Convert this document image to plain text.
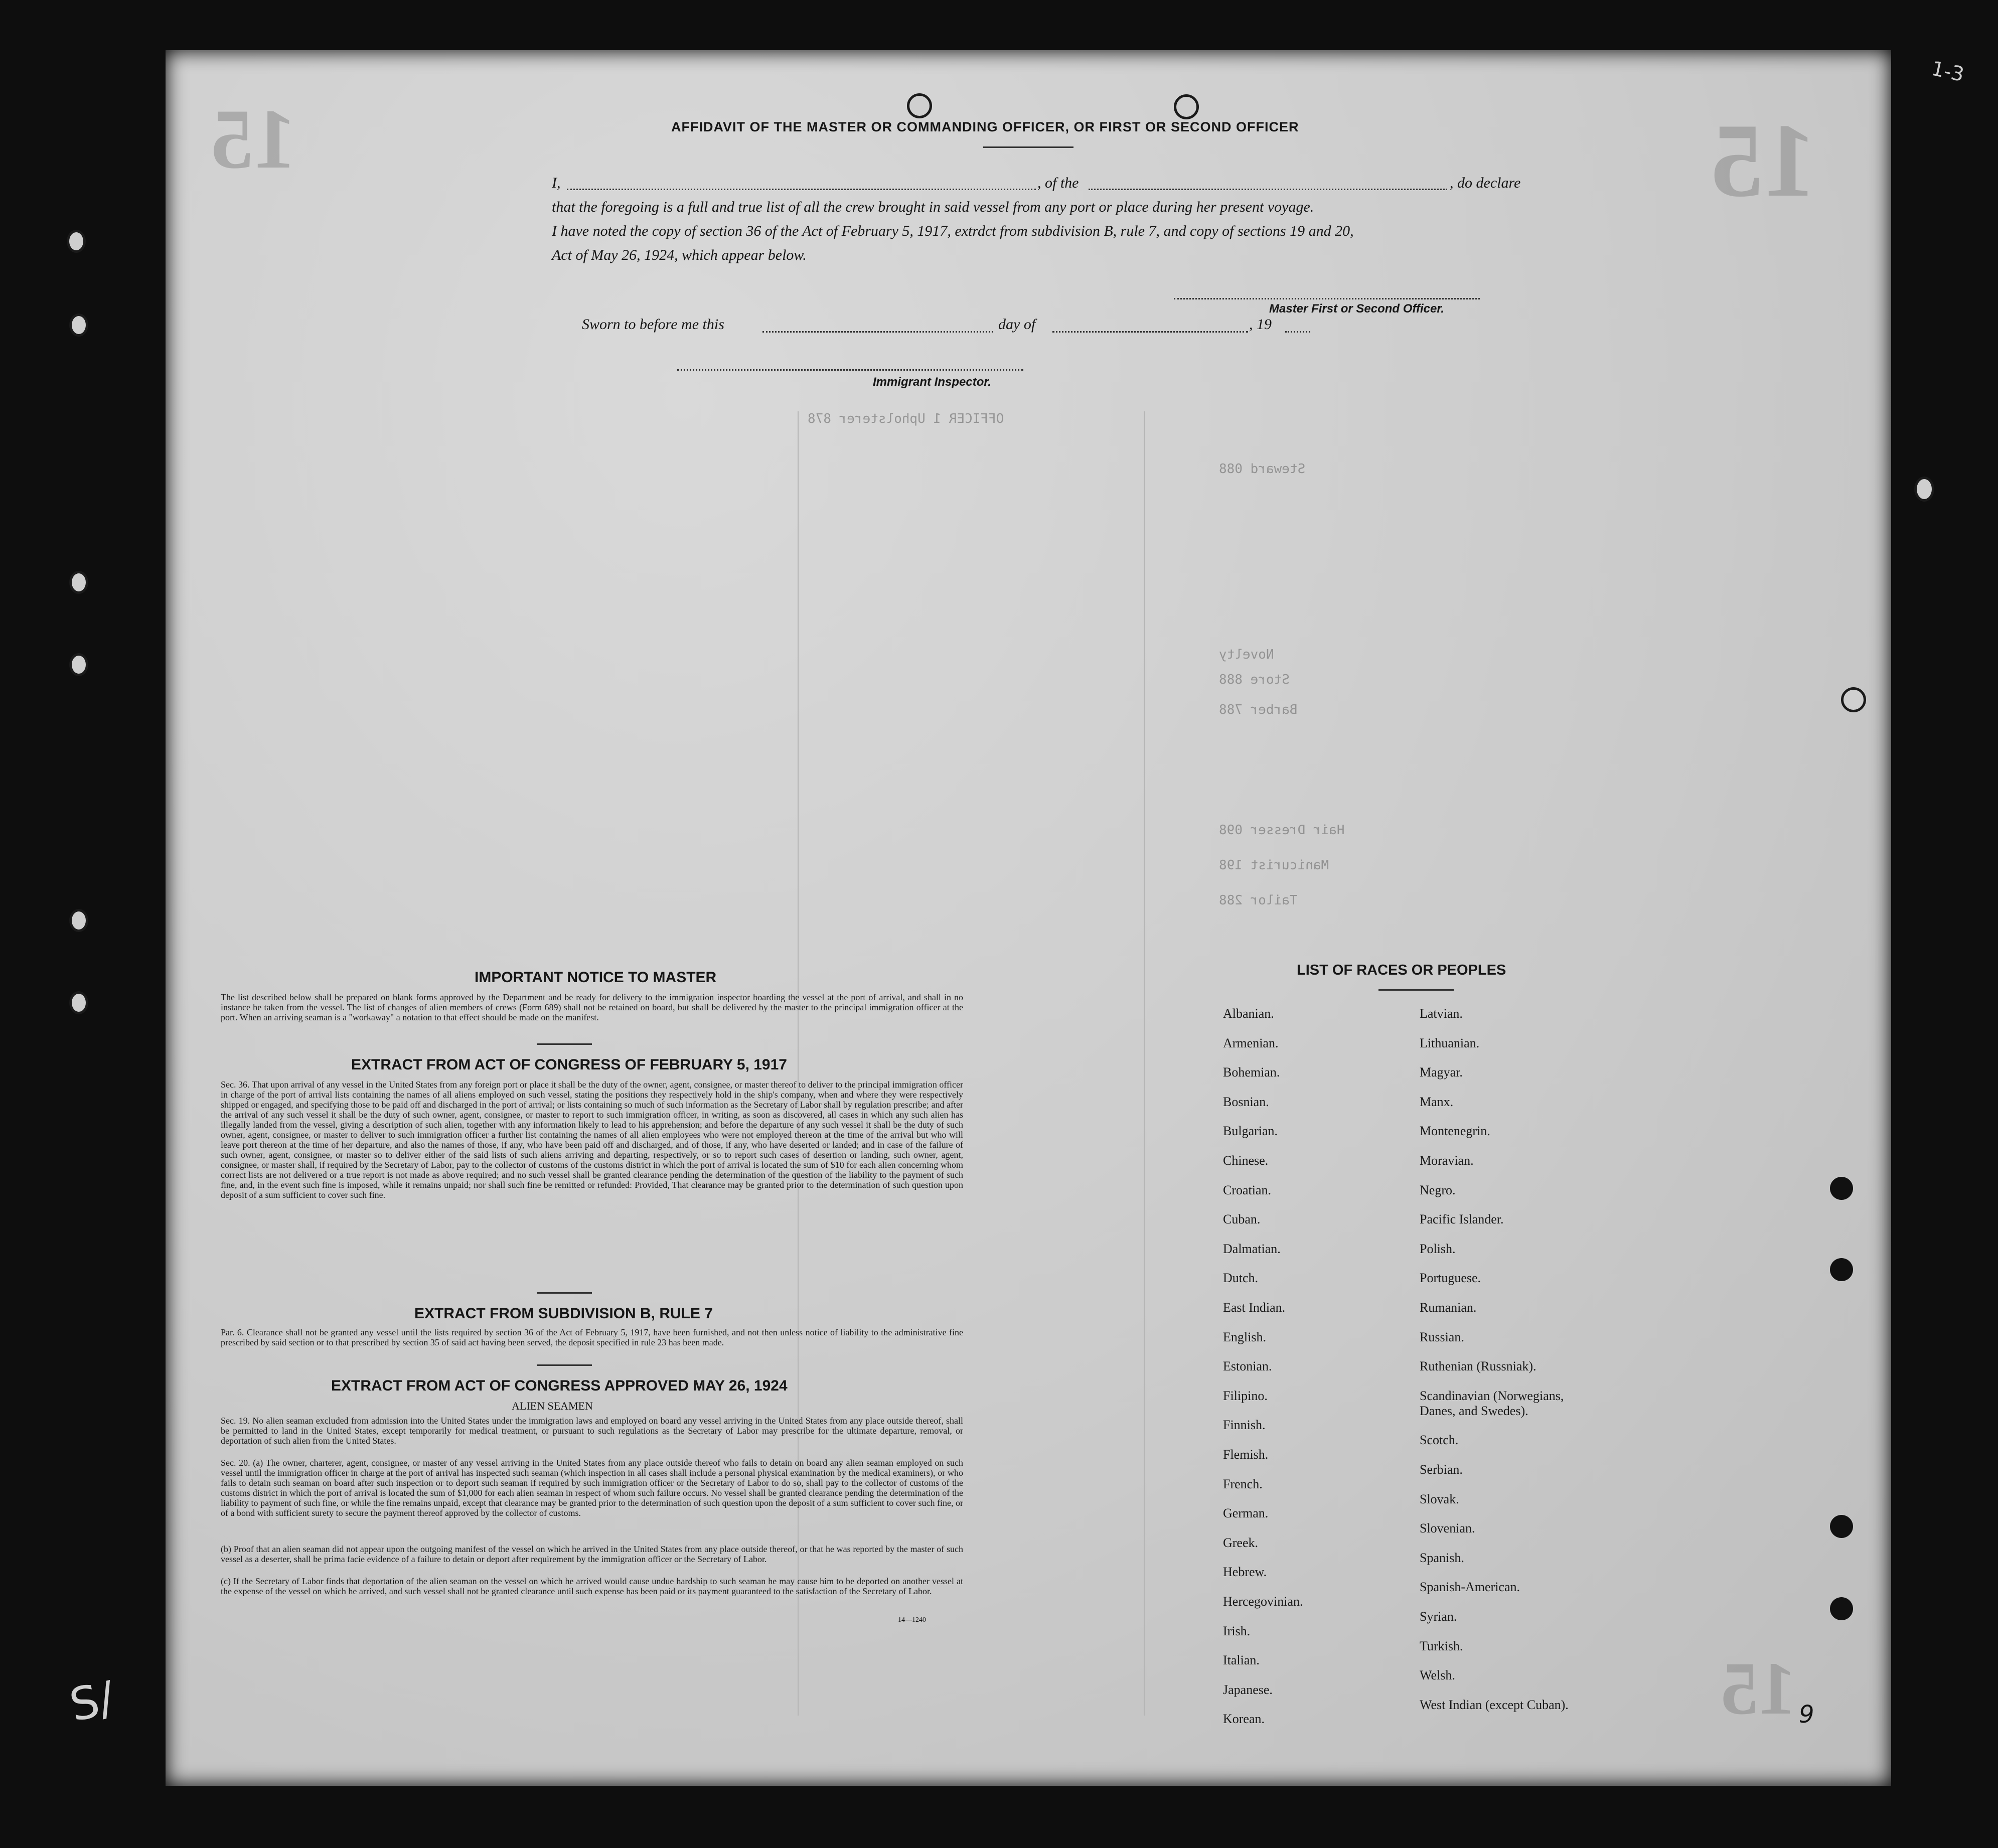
15	15
15
OFFICER 1 Upholsterer 878
Steward 088
Novelty
Store 888
Barber 788
Hair Dresser 098
Manicurist 198
Tailor 288
AFFIDAVIT OF THE MASTER OR COMMANDING OFFICER, OR FIRST OR SECOND OFFICER
I,	, of the	, do declare
that the foregoing is a full and true list of all the crew brought in said vessel from any port or place during her present voyage.
I have noted the copy of section 36 of the Act of February 5, 1917, extrdct from subdivision B, rule 7, and copy of sections 19 and 20,
Act of May 26, 1924, which appear below.
Master First or Second Officer.
Sworn to before me this	day of	, 19
Immigrant Inspector.
IMPORTANT NOTICE TO MASTER
The list described below shall be prepared on blank forms approved by the Department and be ready for delivery to the immigration inspector boarding the vessel at the port of arrival, and shall in no instance be taken from the vessel. The list of changes of alien members of crews (Form 689) shall not be retained on board, but shall be delivered by the master to the principal immigration officer at the port. When an arriving seaman is a "workaway" a notation to that effect should be made on the manifest.
EXTRACT FROM ACT OF CONGRESS OF FEBRUARY 5, 1917
Sec. 36. That upon arrival of any vessel in the United States from any foreign port or place it shall be the duty of the owner, agent, consignee, or master thereof to deliver to the principal immigration officer in charge of the port of arrival lists containing the names of all aliens employed on such vessel, stating the positions they respectively hold in the ship's company, when and where they were respectively shipped or engaged, and specifying those to be paid off and discharged in the port of arrival; or lists containing so much of such information as the Secretary of Labor shall by regulation prescribe; and after the arrival of any such vessel it shall be the duty of such owner, agent, consignee, or master to report to such immigration officer, in writing, as soon as discovered, all cases in which any such alien has illegally landed from the vessel, giving a description of such alien, together with any information likely to lead to his apprehension; and before the departure of any such vessel it shall be the duty of such owner, agent, consignee, or master to deliver to such immigration officer a further list containing the names of all alien employees who were not employed thereon at the time of the arrival but who will leave port thereon at the time of her departure, and also the names of those, if any, who have been paid off and discharged, and of those, if any, who have deserted or landed; and in case of the failure of such owner, agent, consignee, or master so to deliver either of the said lists of such aliens arriving and departing, respectively, or so to report such cases of desertion or landing, such owner, agent, consignee, or master shall, if required by the Secretary of Labor, pay to the collector of customs of the customs district in which the port of arrival is located the sum of $10 for each alien concerning whom correct lists are not delivered or a true report is not made as above required; and no such vessel shall be granted clearance pending the determination of the question of the liability to the payment of such fine, and, in the event such fine is imposed, while it remains unpaid; nor shall such fine be remitted or refunded: Provided, That clearance may be granted prior to the determination of such question upon deposit of a sum sufficient to cover such fine.
EXTRACT FROM SUBDIVISION B, RULE 7
Par. 6. Clearance shall not be granted any vessel until the lists required by section 36 of the Act of February 5, 1917, have been furnished, and not then unless notice of liability to the administrative fine prescribed by said section or to that prescribed by section 35 of said act having been served, the deposit specified in rule 23 has been made.
EXTRACT FROM ACT OF CONGRESS APPROVED MAY 26, 1924
ALIEN SEAMEN
Sec. 19. No alien seaman excluded from admission into the United States under the immigration laws and employed on board any vessel arriving in the United States from any place outside thereof, shall be permitted to land in the United States, except temporarily for medical treatment, or pursuant to such regulations as the Secretary of Labor may prescribe for the ultimate departure, removal, or deportation of such alien from the United States.
Sec. 20. (a) The owner, charterer, agent, consignee, or master of any vessel arriving in the United States from any place outside thereof who fails to detain on board any alien seaman employed on such vessel until the immigration officer in charge at the port of arrival has inspected such seaman (which inspection in all cases shall include a personal physical examination by the medical examiners), or who fails to detain such seaman on board after such inspection or to deport such seaman if required by such immigration officer or the Secretary of Labor to do so, shall pay to the collector of customs of the customs district in which the port of arrival is located the sum of $1,000 for each alien seaman in respect of whom such failure occurs. No vessel shall be granted clearance pending the determination of the liability to payment of such fine, or while the fine remains unpaid, except that clearance may be granted prior to the determination of such question upon the deposit of a sum sufficient to cover such fine, or of a bond with sufficient surety to secure the payment thereof approved by the collector of customs.
(b) Proof that an alien seaman did not appear upon the outgoing manifest of the vessel on which he arrived in the United States from any place outside thereof, or that he was reported by the master of such vessel as a deserter, shall be prima facie evidence of a failure to detain or deport after requirement by the immigration officer or the Secretary of Labor.
(c) If the Secretary of Labor finds that deportation of the alien seaman on the vessel on which he arrived would cause undue hardship to such seaman he may cause him to be deported on another vessel at the expense of the vessel on which he arrived, and such vessel shall not be granted clearance until such expense has been paid or its payment guaranteed to the satisfaction of the Secretary of Labor.
14—1240
LIST OF RACES OR PEOPLES
Albanian.
Armenian.
Bohemian.
Bosnian.
Bulgarian.
Chinese.
Croatian.
Cuban.
Dalmatian.
Dutch.
East Indian.
English.
Estonian.
Filipino.
Finnish.
Flemish.
French.
German.
Greek.
Hebrew.
Hercegovinian.
Irish.
Italian.
Japanese.
Korean.
Latvian.
Lithuanian.
Magyar.
Manx.
Montenegrin.
Moravian.
Negro.
Pacific Islander.
Polish.
Portuguese.
Rumanian.
Russian.
Ruthenian (Russniak).
Scandinavian (Norwegians,
Danes, and Swedes).
Scotch.
Serbian.
Slovak.
Slovenian.
Spanish.
Spanish-American.
Syrian.
Turkish.
Welsh.
West Indian (except Cuban).
1-3
9
S/
